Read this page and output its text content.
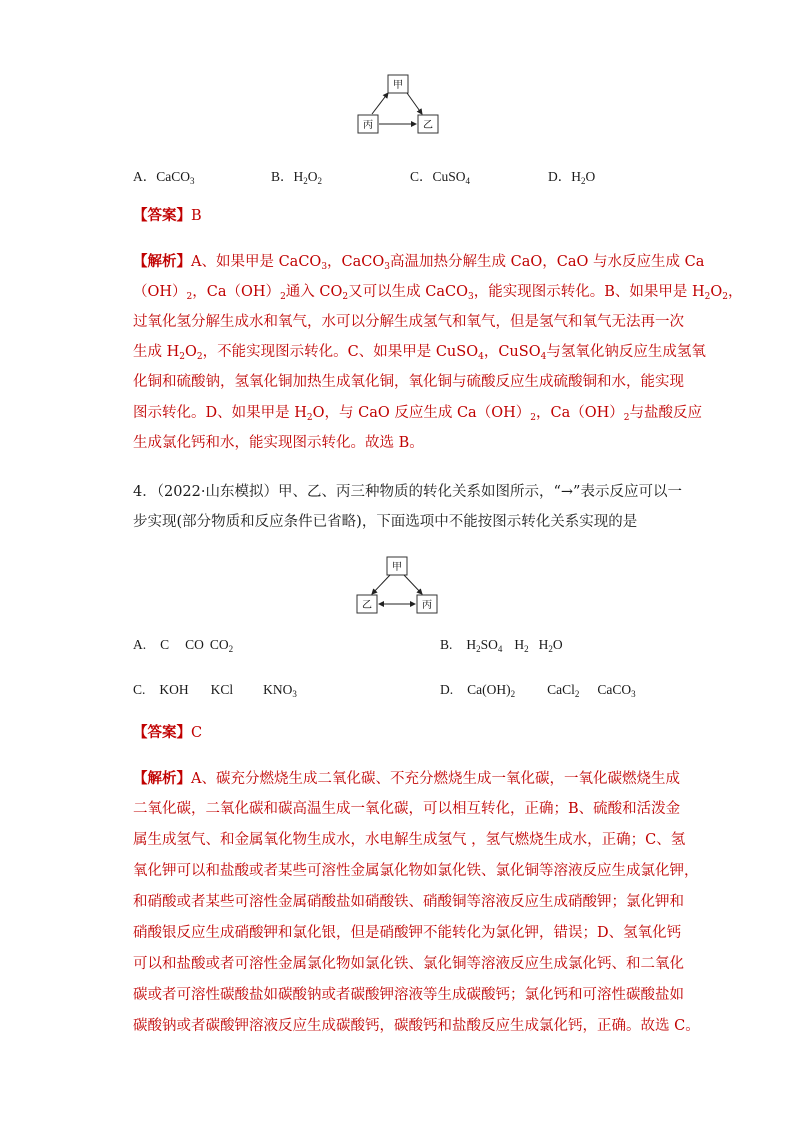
甲
丙	乙
A．CaCO$_3$	B．$H_2O_2$	C．CuSO$_4$	D．$H_2O$
【答案】B
【解析】A、如果甲是 CaCO$_3$，CaCO$_3$高温加热分解生成 CaO，CaO 与水反应生成 Ca
$(OH)_2$，$Ca(OH)_2$通入 $CO_2$又可以生成 CaCO$_3$，能实现图示转化。B、如果甲是 $H_2O_2$，
过氧化氢分解生成水和氧气，水可以分解生成氢气和氧气，但是氢气和氧气无法再一次
生成 $H_2O_2$，不能实现图示转化。C、如果甲是 CuSO$_4$，CuSO$_4$与氢氧化钠反应生成氢氧
化铜和硫酸钠，氢氧化铜加热生成氧化铜，氧化铜与硫酸反应生成硫酸铜和水，能实现
图示转化。D、如果甲是 $H_2O$，与 CaO 反应生成 $Ca(OH)_2$，$Ca(OH)_2$与盐酸反应
生成氯化钙和水，能实现图示转化。故选 B。
4．（2022·山东模拟）甲、乙、丙三种物质的转化关系如图所示，“→”表示反应可以一
步实现(部分物质和反应条件已省略)，下面选项中不能按图示转化关系实现的是
甲
乙	丙
A. C CO $CO_2$	B. $H_2SO_4$ $H_2$ $H_2O$
C. KOH KCl $KNO_3$	D. $Ca(OH)_2$ CaCl$_2$ CaCO$_3$
【答案】C
【解析】A、碳充分燃烧生成二氧化碳、不充分燃烧生成一氧化碳，一氧化碳燃烧生成
二氧化碳，二氧化碳和碳高温生成一氧化碳，可以相互转化，正确；B、硫酸和活泼金
属生成氢气、和金属氧化物生成水，水电解生成氢气 ，氢气燃烧生成水，正确；C、氢
氧化钾可以和盐酸或者某些可溶性金属氯化物如氯化铁、氯化铜等溶液反应生成氯化钾，
和硝酸或者某些可溶性金属硝酸盐如硝酸铁、硝酸铜等溶液反应生成硝酸钾；氯化钾和
硝酸银反应生成硝酸钾和氯化银，但是硝酸钾不能转化为氯化钾，错误；D、氢氧化钙
可以和盐酸或者可溶性金属氯化物如氯化铁、氯化铜等溶液反应生成氯化钙、和二氧化
碳或者可溶性碳酸盐如碳酸钠或者碳酸钾溶液等生成碳酸钙；氯化钙和可溶性碳酸盐如
碳酸钠或者碳酸钾溶液反应生成碳酸钙，碳酸钙和盐酸反应生成氯化钙，正确。故选 C。
